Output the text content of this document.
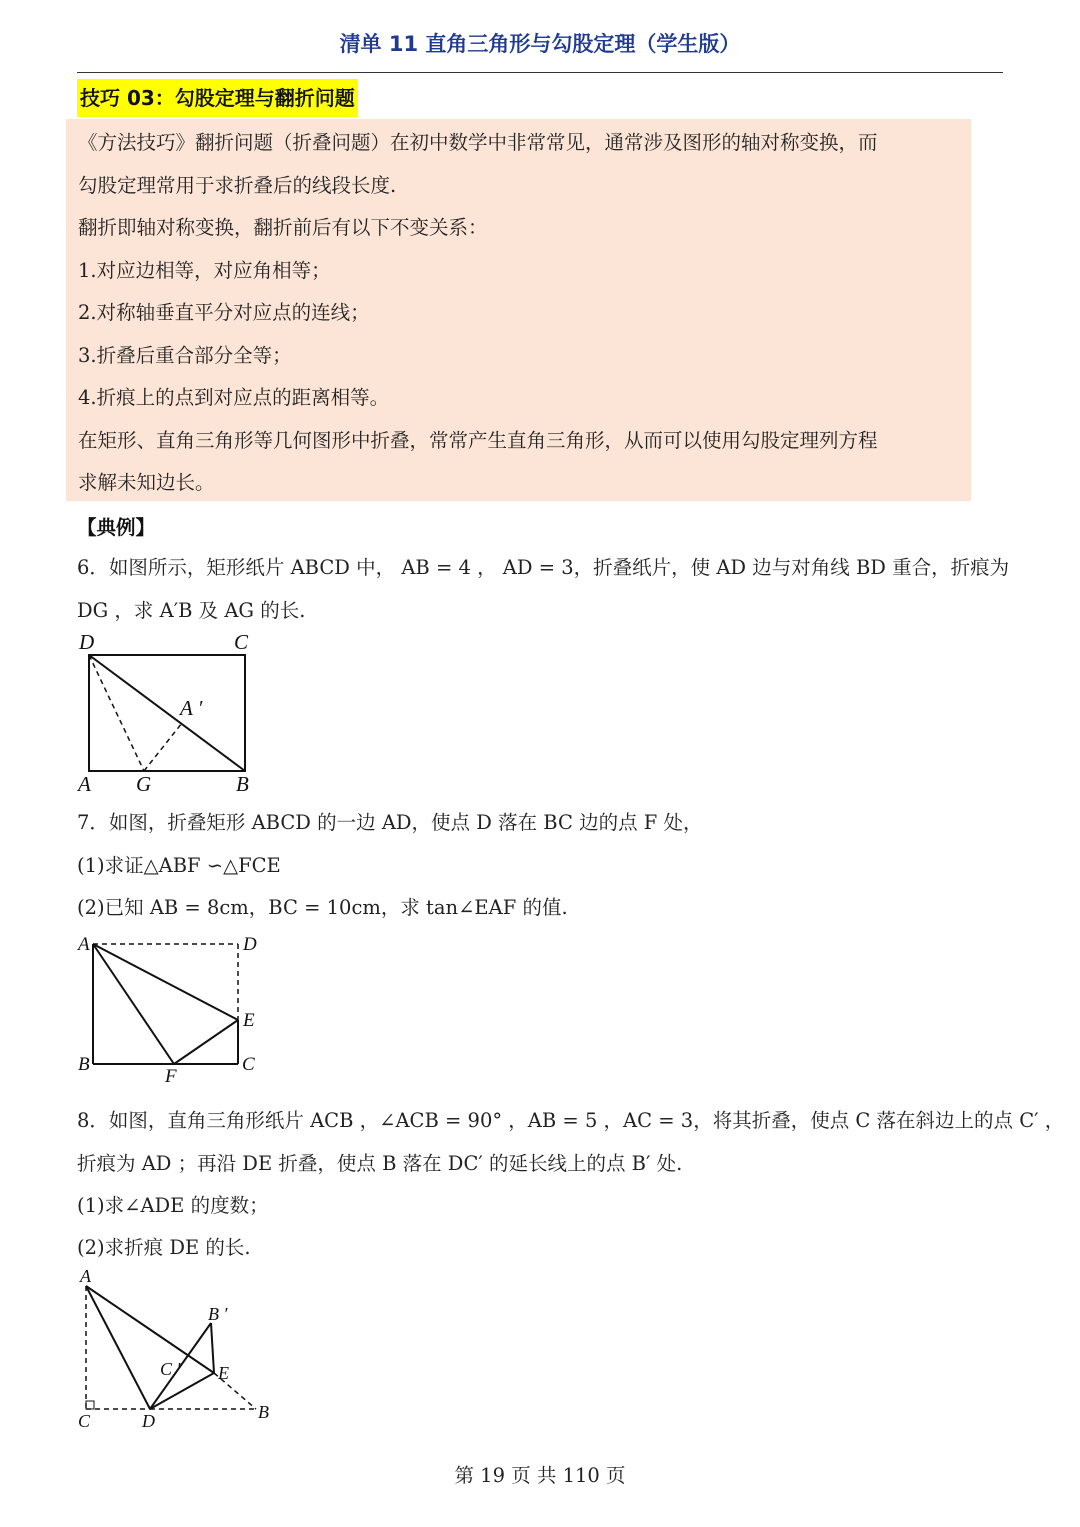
清单 11 直角三角形与勾股定理（学生版）
技巧 03：勾股定理与翻折问题
《方法技巧》翻折问题（折叠问题）在初中数学中非常常见，通常涉及图形的轴对称变换，而
勾股定理常用于求折叠后的线段长度.
翻折即轴对称变换，翻折前后有以下不变关系：
1.对应边相等，对应角相等；
2.对称轴垂直平分对应点的连线；
3.折叠后重合部分全等；
4.折痕上的点到对应点的距离相等。
在矩形、直角三角形等几何图形中折叠，常常产生直角三角形，从而可以使用勾股定理列方程
求解未知边长。
【典例】
6．如图所示，矩形纸片 ABCD 中， AB = 4 ， AD = 3，折叠纸片，使 AD 边与对角线 BD 重合，折痕为
DG ，求 A′B 及 AG 的长.
D	C
A G	B
A ′
7．如图，折叠矩形 ABCD 的一边 AD，使点 D 落在 BC 边的点 F 处，
(1)求证△ABF ∽△FCE
(2)已知 AB = 8cm，BC = 10cm，求 tan∠EAF 的值.
A	D
E
B
F
C
8．如图，直角三角形纸片 ACB ，∠ACB = 90° ，AB = 5 ，AC = 3，将其折叠，使点 C 落在斜边上的点 C′ ，
折痕为 AD ；再沿 DE 折叠，使点 B 落在 DC′ 的延长线上的点 B′ 处.
(1)求∠ADE 的度数；
(2)求折痕 DE 的长.
A
B ′
C ′ E
C	D	B
第 19 页 共 110 页
